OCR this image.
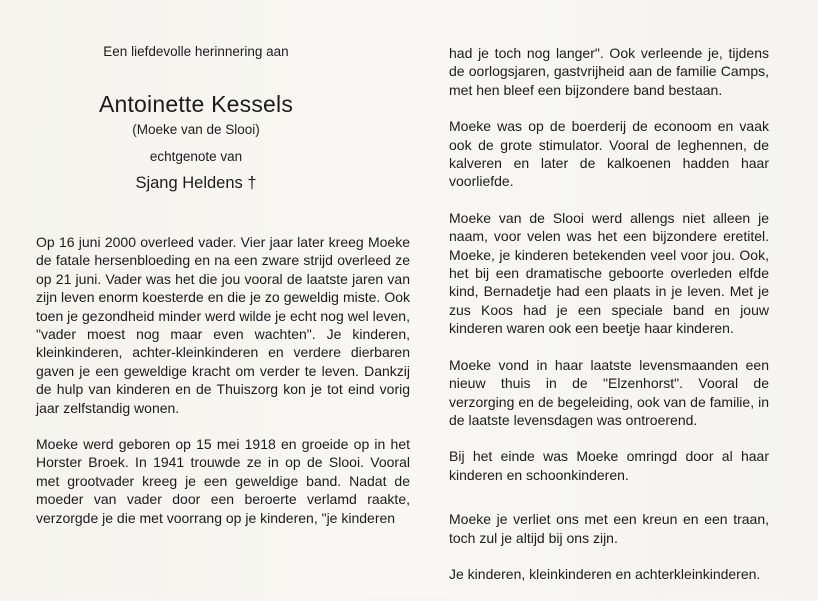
Een liefdevolle herinnering aan
Antoinette Kessels
(Moeke van de Slooi)
echtgenote van
Sjang Heldens †

Op 16 juni 2000 overleed vader. Vier jaar later kreeg Moeke de fatale hersenbloeding en na een zware strijd overleed ze op 21 juni. Vader was het die jou vooral de laatste jaren van zijn leven enorm koesterde en die je zo geweldig miste. Ook toen je gezondheid minder werd wilde je echt nog wel leven, "vader moest nog maar even wachten". Je kinderen, kleinkinderen, achter-kleinkinderen en verdere dierbaren gaven je een geweldige kracht om verder te leven. Dankzij de hulp van kinderen en de Thuiszorg kon je tot eind vorig jaar zelfstandig wonen.

Moeke werd geboren op 15 mei 1918 en groeide op in het Horster Broek. In 1941 trouwde ze in op de Slooi. Vooral met grootvader kreeg je een geweldige band. Nadat de moeder van vader door een beroerte verlamd raakte, verzorgde je die met voorrang op je kinderen, "je kinderen

had je toch nog langer". Ook verleende je, tijdens de oorlogsjaren, gastvrijheid aan de familie Camps, met hen bleef een bijzondere band bestaan.

Moeke was op de boerderij de econoom en vaak ook de grote stimulator. Vooral de leghennen, de kalveren en later de kalkoenen hadden haar voorliefde.

Moeke van de Slooi werd allengs niet alleen je naam, voor velen was het een bijzondere eretitel. Moeke, je kinderen betekenden veel voor jou. Ook, het bij een dramatische geboorte overleden elfde kind, Bernadetje had een plaats in je leven. Met je zus Koos had je een speciale band en jouw kinderen waren ook een beetje haar kinderen.

Moeke vond in haar laatste levensmaanden een nieuw thuis in de "Elzenhorst". Vooral de verzorging en de begeleiding, ook van de familie, in de laatste levensdagen was ontroerend.

Bij het einde was Moeke omringd door al haar kinderen en schoonkinderen.

Moeke je verliet ons met een kreun en een traan, toch zul je altijd bij ons zijn.

Je kinderen, kleinkinderen en achterkleinkinderen.
